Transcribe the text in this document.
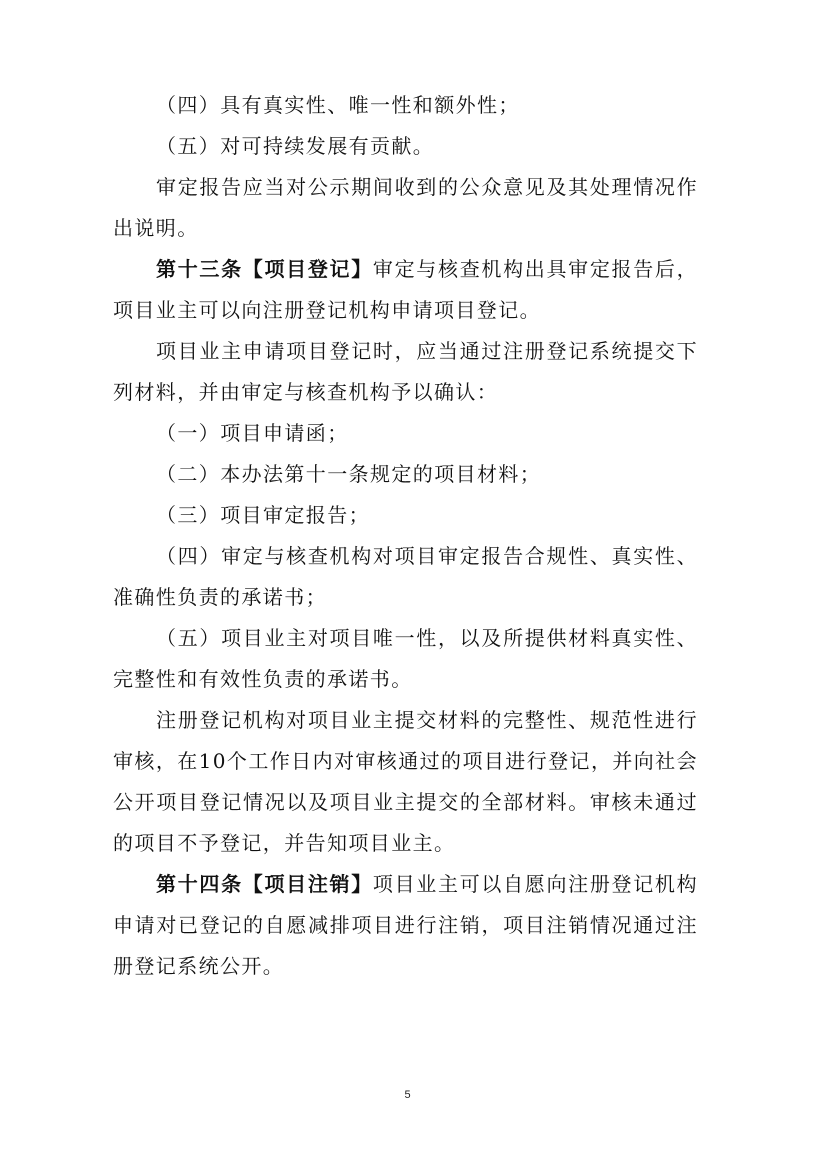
（四）具有真实性、唯一性和额外性；

（五）对可持续发展有贡献。

审定报告应当对公示期间收到的公众意见及其处理情况作出说明。

第十三条【项目登记】审定与核查机构出具审定报告后，项目业主可以向注册登记机构申请项目登记。

项目业主申请项目登记时，应当通过注册登记系统提交下列材料，并由审定与核查机构予以确认：

（一）项目申请函；

（二）本办法第十一条规定的项目材料；

（三）项目审定报告；

（四）审定与核查机构对项目审定报告合规性、真实性、准确性负责的承诺书；

（五）项目业主对项目唯一性，以及所提供材料真实性、完整性和有效性负责的承诺书。

注册登记机构对项目业主提交材料的完整性、规范性进行审核，在10个工作日内对审核通过的项目进行登记，并向社会公开项目登记情况以及项目业主提交的全部材料。审核未通过的项目不予登记，并告知项目业主。

第十四条【项目注销】项目业主可以自愿向注册登记机构申请对已登记的自愿减排项目进行注销，项目注销情况通过注册登记系统公开。

5
